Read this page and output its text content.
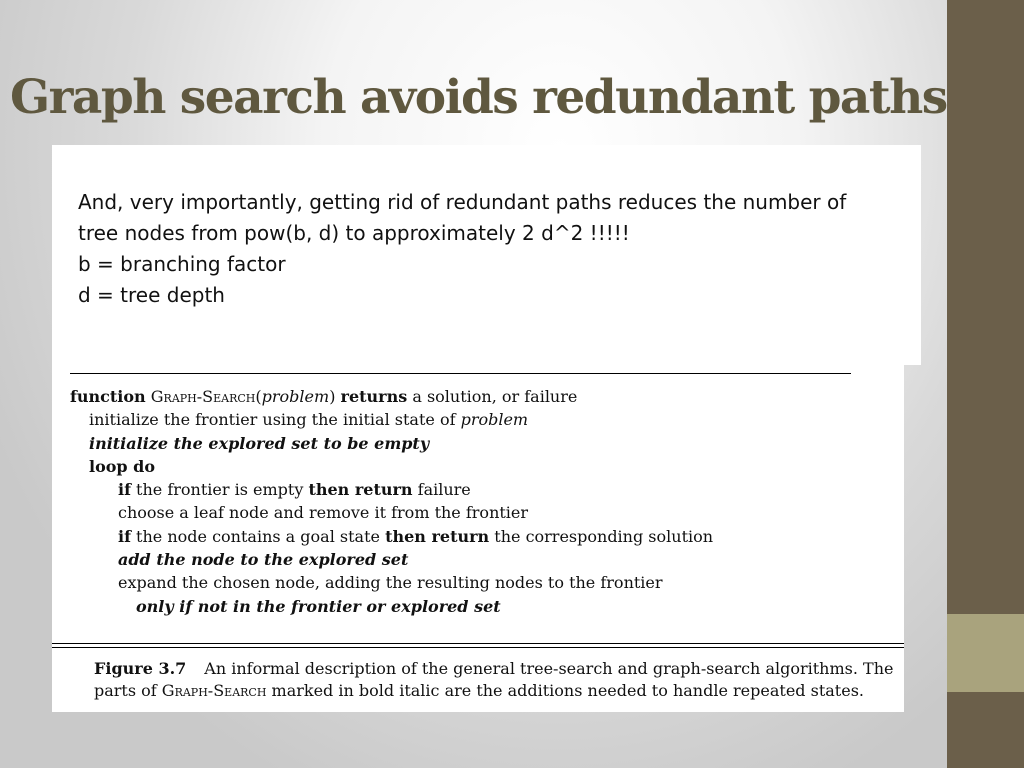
Graph search avoids redundant paths
And, very importantly, getting rid of redundant paths reduces the number of
tree nodes from pow(b, d) to approximately 2 d^2 !!!!!
b = branching factor
d = tree depth
function Graph-Search(problem) returns a solution, or failure
initialize the frontier using the initial state of problem
initialize the explored set to be empty
loop do
if the frontier is empty then return failure
choose a leaf node and remove it from the frontier
if the node contains a goal state then return the corresponding solution
add the node to the explored set
expand the chosen node, adding the resulting nodes to the frontier
only if not in the frontier or explored set
Figure 3.7 An informal description of the general tree-search and graph-search algorithms. The
parts of Graph-Search marked in bold italic are the additions needed to handle repeated states.
